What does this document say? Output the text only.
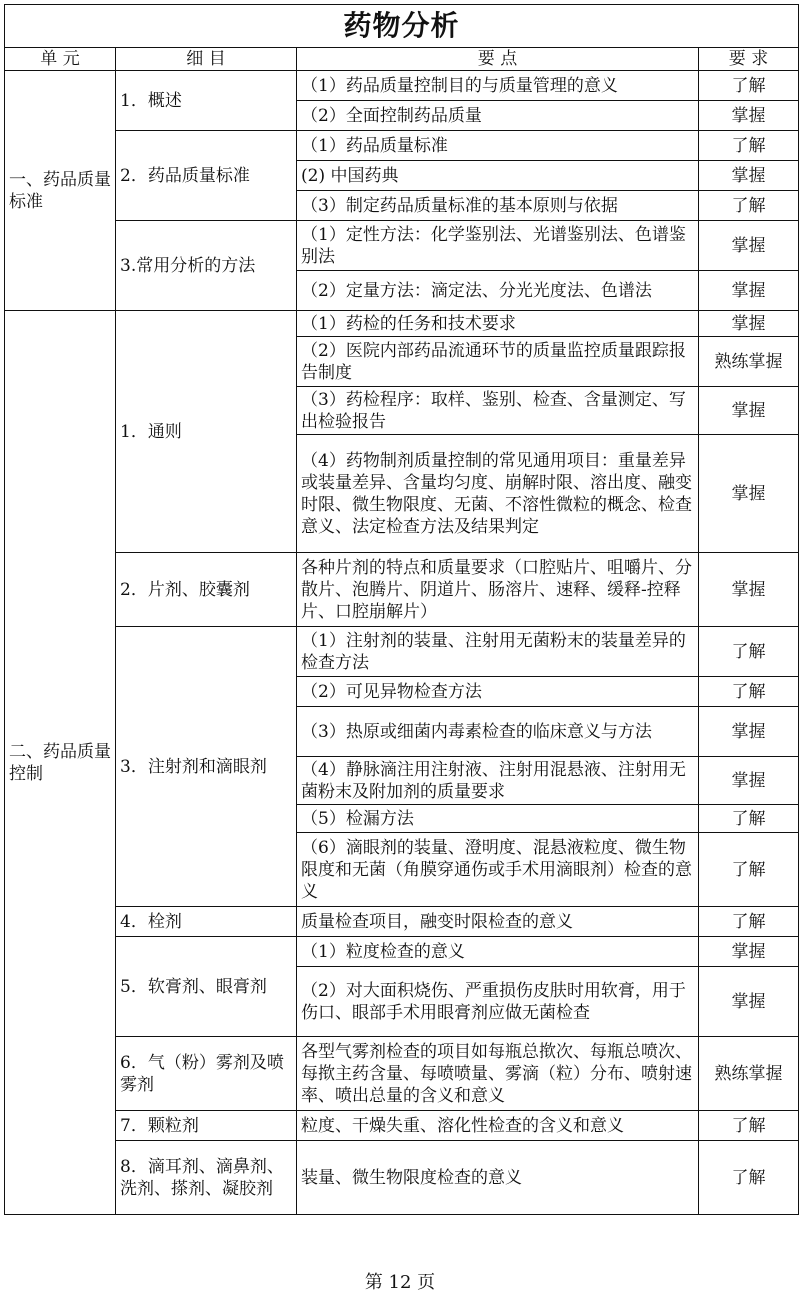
药物分析			
单 元	细 目	要 点	要 求
一、药品质量标准	1．概述	（1）药品质量控制目的与质量管理的意义	了解
		（2）全面控制药品质量	掌握
	2．药品质量标准	（1）药品质量标准	了解
		(2) 中国药典	掌握
		（3）制定药品质量标准的基本原则与依据	了解
	3.常用分析的方法	（1）定性方法：化学鉴别法、光谱鉴别法、色谱鉴别法	掌握
		（2）定量方法：滴定法、分光光度法、色谱法	掌握
二、药品质量控制	1．通则	（1）药检的任务和技术要求	掌握
		（2）医院内部药品流通环节的质量监控质量跟踪报告制度	熟练掌握
		（3）药检程序：取样、鉴别、检查、含量测定、写出检验报告	掌握
		（4）药物制剂质量控制的常见通用项目：重量差异或装量差异、含量均匀度、崩解时限、溶出度、融变时限、微生物限度、无菌、不溶性微粒的概念、检查意义、法定检查方法及结果判定	掌握
	2．片剂、胶囊剂	各种片剂的特点和质量要求（口腔贴片、咀嚼片、分散片、泡腾片、阴道片、肠溶片、速释、缓释-控释片、口腔崩解片）	掌握
	3．注射剂和滴眼剂	（1）注射剂的装量、注射用无菌粉末的装量差异的检查方法	了解
		（2）可见异物检查方法	了解
		（3）热原或细菌内毒素检查的临床意义与方法	掌握
		（4）静脉滴注用注射液、注射用混悬液、注射用无菌粉末及附加剂的质量要求	掌握
		（5）检漏方法	了解
		（6）滴眼剂的装量、澄明度、混悬液粒度、微生物限度和无菌（角膜穿通伤或手术用滴眼剂）检查的意义	了解
	4．栓剂	质量检查项目，融变时限检查的意义	了解
	5．软膏剂、眼膏剂	（1）粒度检查的意义	掌握
		（2）对大面积烧伤、严重损伤皮肤时用软膏，用于伤口、眼部手术用眼膏剂应做无菌检查	掌握
	6．气（粉）雾剂及喷雾剂	各型气雾剂检查的项目如每瓶总揿次、每瓶总喷次、每揿主药含量、每喷喷量、雾滴（粒）分布、喷射速率、喷出总量的含义和意义	熟练掌握
	7．颗粒剂	粒度、干燥失重、溶化性检查的含义和意义	了解
	8．滴耳剂、滴鼻剂、洗剂、搽剂、凝胶剂	装量、微生物限度检查的意义	了解
第 12 页
